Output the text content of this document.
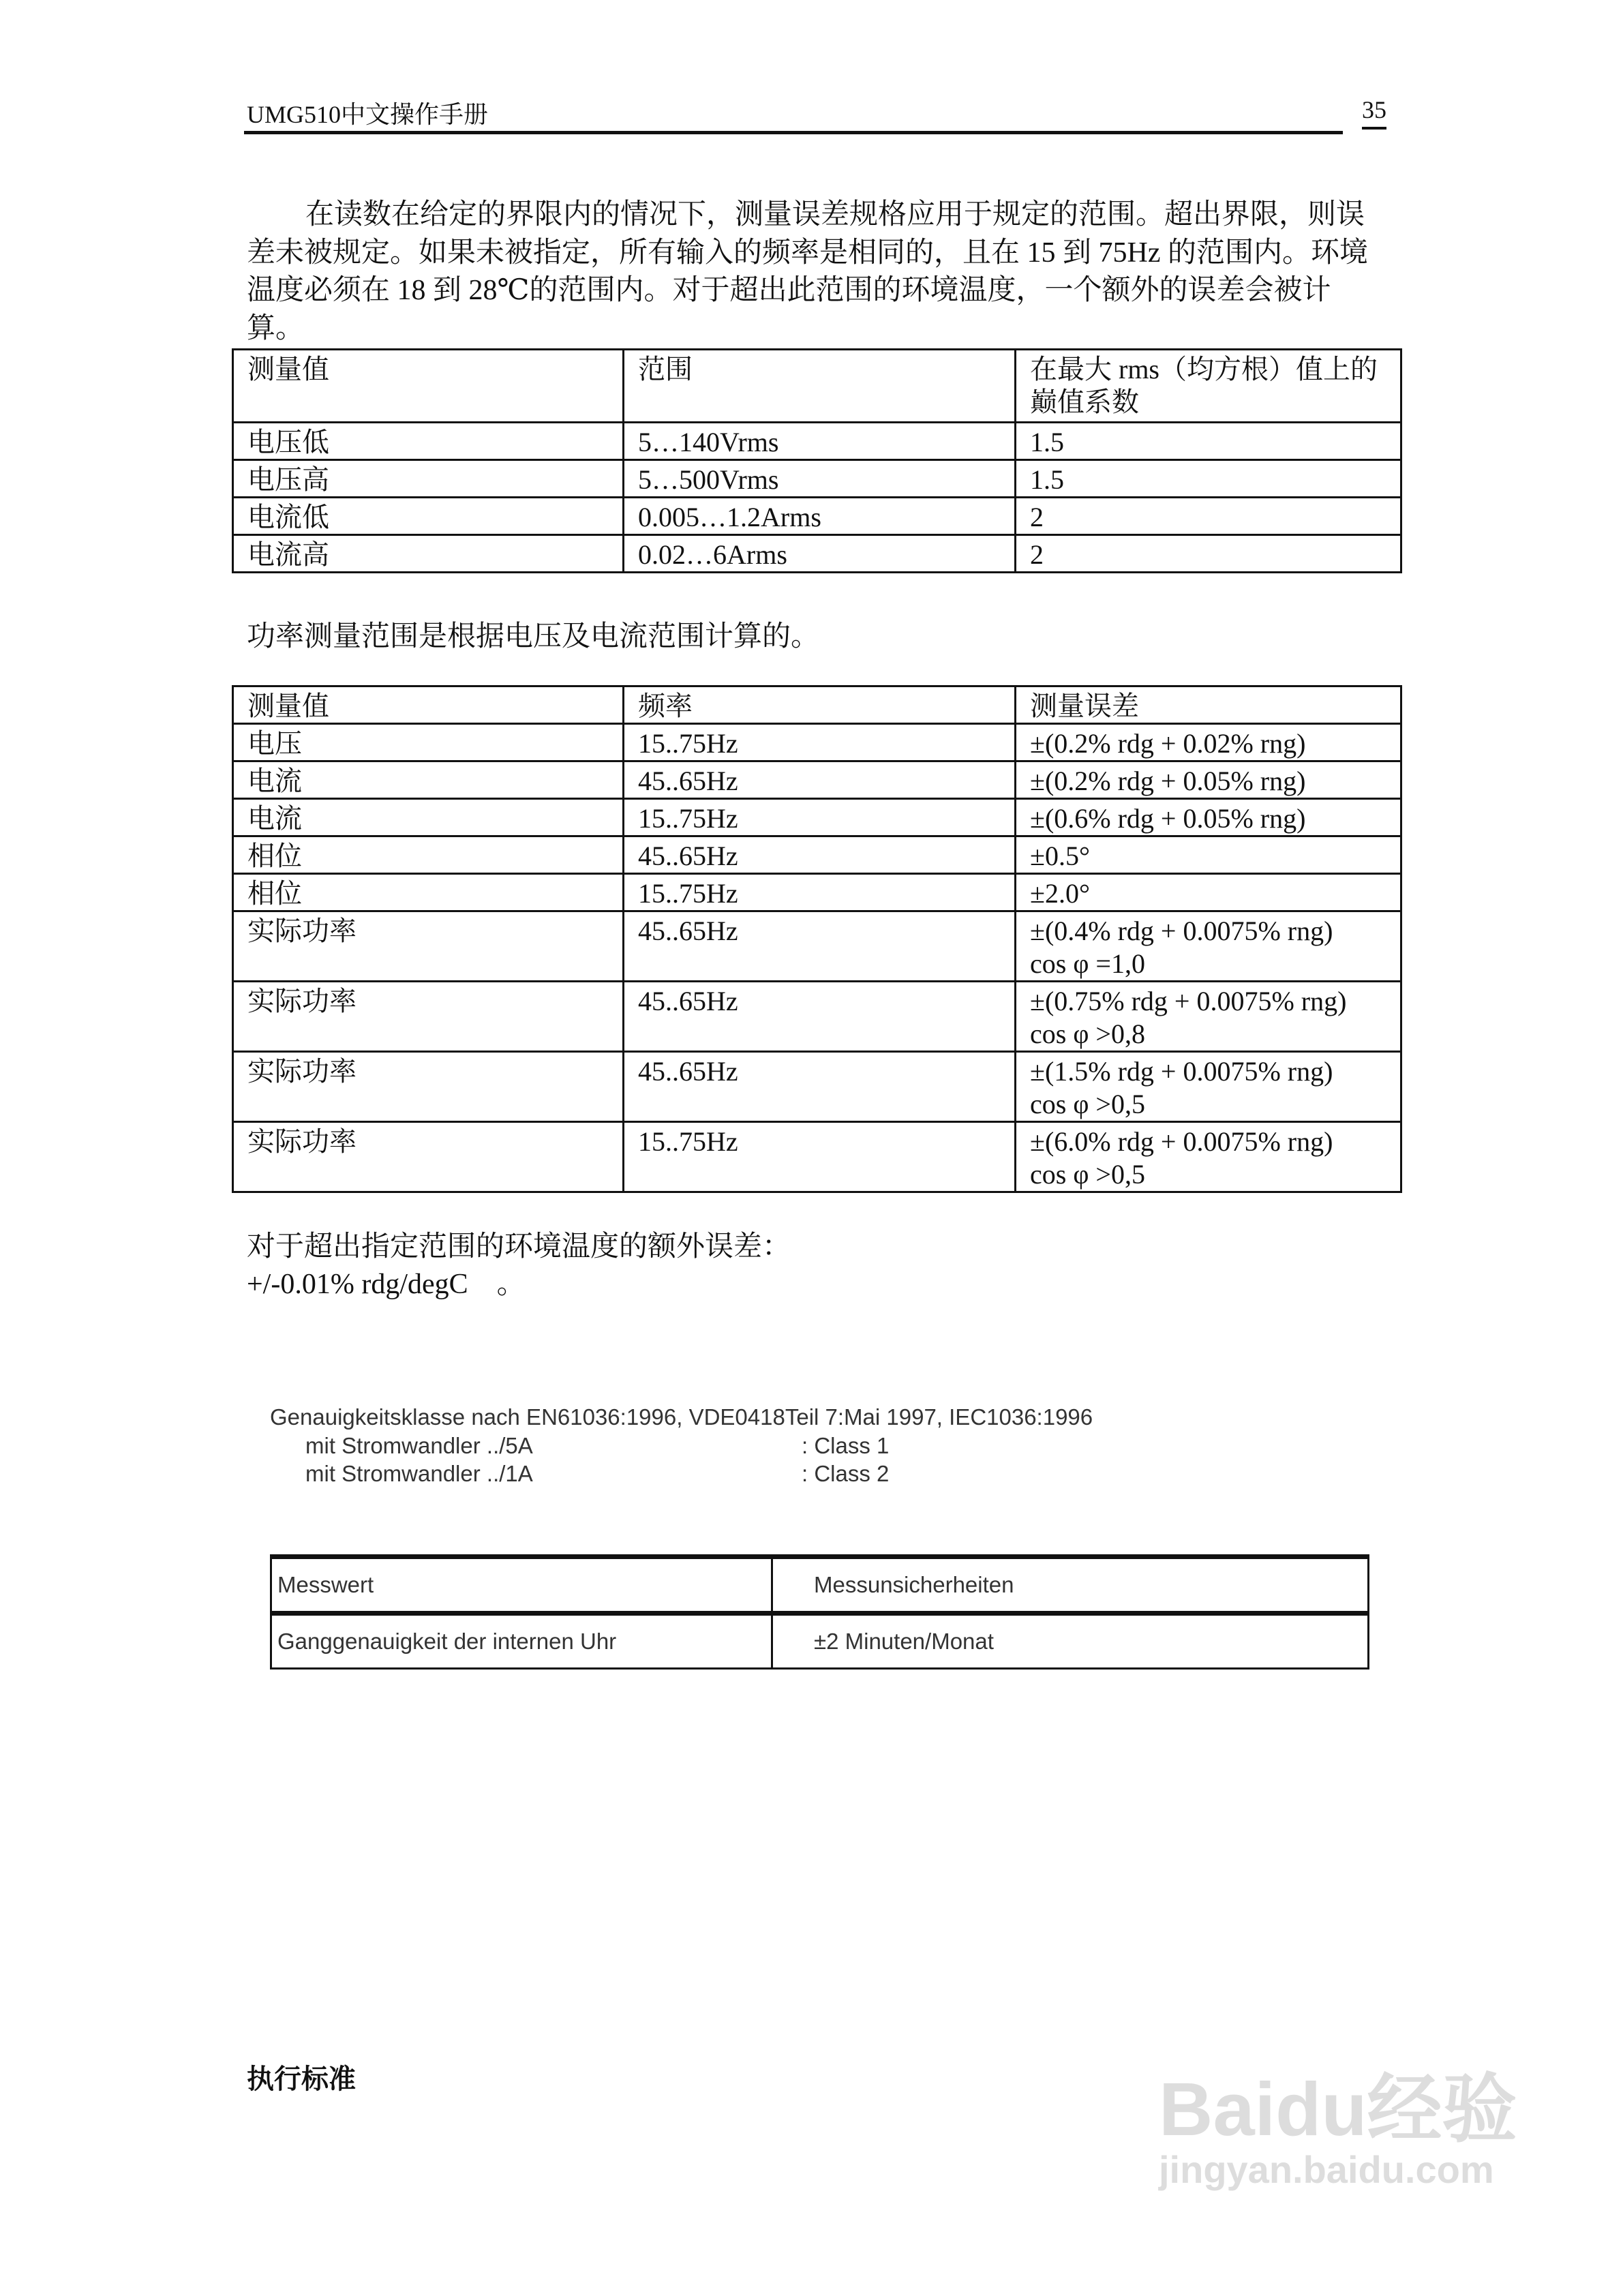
UMG510中文操作手册	35
在读数在给定的界限内的情况下，测量误差规格应用于规定的范围。超出界限，则误差未被规定。如果未被指定，所有输入的频率是相同的，且在 15 到 75Hz 的范围内。环境温度必须在 18 到 28℃的范围内。对于超出此范围的环境温度，一个额外的误差会被计算。
测量值	范围	在最大 rms（均方根）值上的巅值系数
电压低	5…140Vrms	1.5
电压高	5…500Vrms	1.5
电流低	0.005…1.2Arms	2
电流高	0.02…6Arms	2
功率测量范围是根据电压及电流范围计算的。
测量值	频率	测量误差

电压	15..75Hz	±(0.2% rdg + 0.02% rng)

电流	45..65Hz	±(0.2% rdg + 0.05% rng)

电流	15..75Hz	±(0.6% rdg + 0.05% rng)

相位	45..65Hz	±0.5°

相位	15..75Hz	±2.0°

实际功率	45..65Hz	±(0.4% rdg + 0.0075% rng)
cos φ =1,0

实际功率	45..65Hz	±(0.75% rdg + 0.0075% rng)
cos φ >0,8

实际功率	45..65Hz	±(1.5% rdg + 0.0075% rng)
cos φ >0,5

实际功率	15..75Hz	±(6.0% rdg + 0.0075% rng)
cos φ >0,5
对于超出指定范围的环境温度的额外误差：
+/-0.01% rdg/degC　。
Genauigkeitsklasse nach EN61036:1996, VDE0418Teil 7:Mai 1997, IEC1036:1996
mit Stromwandler ../5A	: Class 1
mit Stromwandler ../1A	: Class 2
Messwert	Messunsicherheiten
Ganggenauigkeit der internen Uhr	±2 Minuten/Monat
执行标准	Baidu经验
jingyan.baidu.com
